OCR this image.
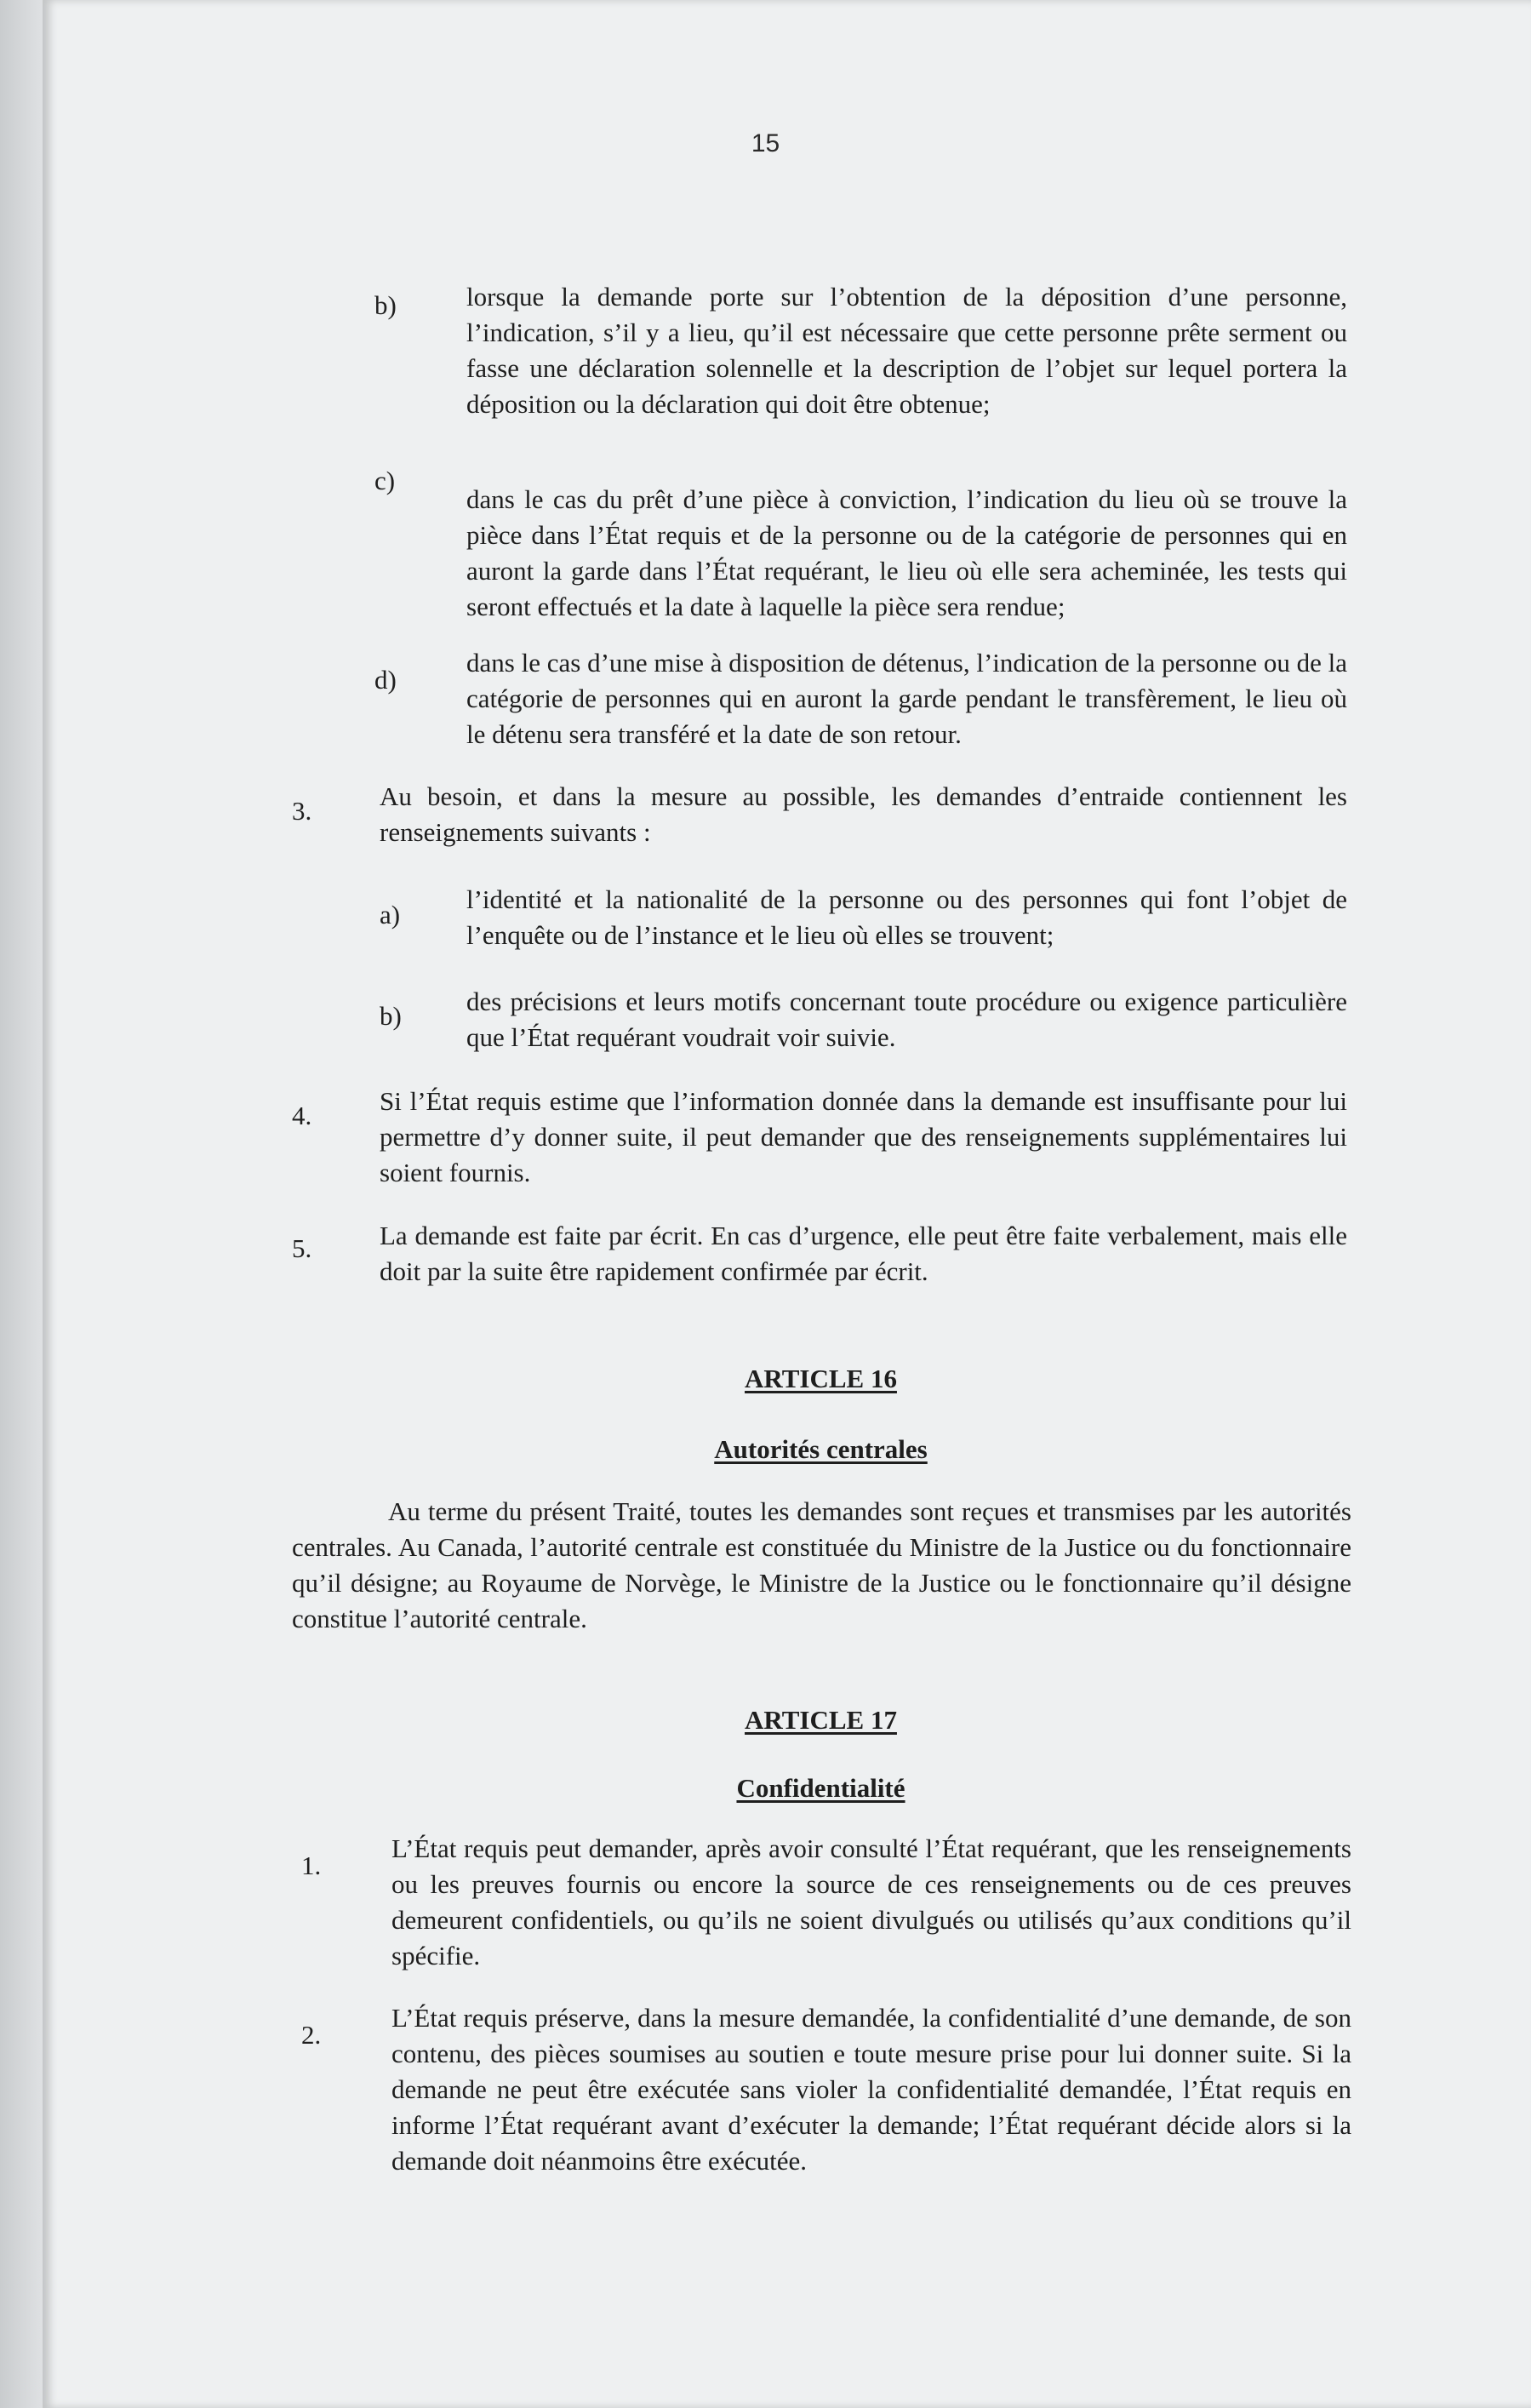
15
b)	lorsque la demande porte sur l’obtention de la déposition d’une personne, l’indication, s’il y a lieu, qu’il est nécessaire que cette personne prête serment ou fasse une déclaration solennelle et la description de l’objet sur lequel portera la déposition ou la déclaration qui doit être obtenue;
c)
dans le cas du prêt d’une pièce à conviction, l’indication du lieu où se trouve la pièce dans l’État requis et de la personne ou de la catégorie de personnes qui en auront la garde dans l’État requérant, le lieu où elle sera acheminée, les tests qui seront effectués et la date à laquelle la pièce sera rendue;
d)
dans le cas d’une mise à disposition de détenus, l’indication de la personne ou de la catégorie de personnes qui en auront la garde pendant le transfèrement, le lieu où le détenu sera transféré et la date de son retour.
3.	Au besoin, et dans la mesure au possible, les demandes d’entraide contiennent les renseignements suivants :
a)
l’identité et la nationalité de la personne ou des personnes qui font l’objet de l’enquête ou de l’instance et le lieu où elles se trouvent;
b) des précisions et leurs motifs concernant toute procédure ou exigence particulière que l’État requérant voudrait voir suivie.
4.	Si l’État requis estime que l’information donnée dans la demande est insuffisante pour lui permettre d’y donner suite, il peut demander que des renseignements supplémentaires lui soient fournis.
5.	La demande est faite par écrit. En cas d’urgence, elle peut être faite verbalement, mais elle doit par la suite être rapidement confirmée par écrit.
ARTICLE 16
Autorités centrales
Au terme du présent Traité, toutes les demandes sont reçues et transmises par les autorités centrales. Au Canada, l’autorité centrale est constituée du Ministre de la Justice ou du fonctionnaire qu’il désigne; au Royaume de Norvège, le Ministre de la Justice ou le fonctionnaire qu’il désigne constitue l’autorité centrale.
ARTICLE 17
Confidentialité
1.
L’État requis peut demander, après avoir consulté l’État requérant, que les renseignements ou les preuves fournis ou encore la source de ces renseignements ou de ces preuves demeurent confidentiels, ou qu’ils ne soient divulgués ou utilisés qu’aux conditions qu’il spécifie.
2.
L’État requis préserve, dans la mesure demandée, la confidentialité d’une demande, de son contenu, des pièces soumises au soutien e toute mesure prise pour lui donner suite. Si la demande ne peut être exécutée sans violer la confidentialité demandée, l’État requis en informe l’État requérant avant d’exécuter la demande; l’État requérant décide alors si la demande doit néanmoins être exécutée.
